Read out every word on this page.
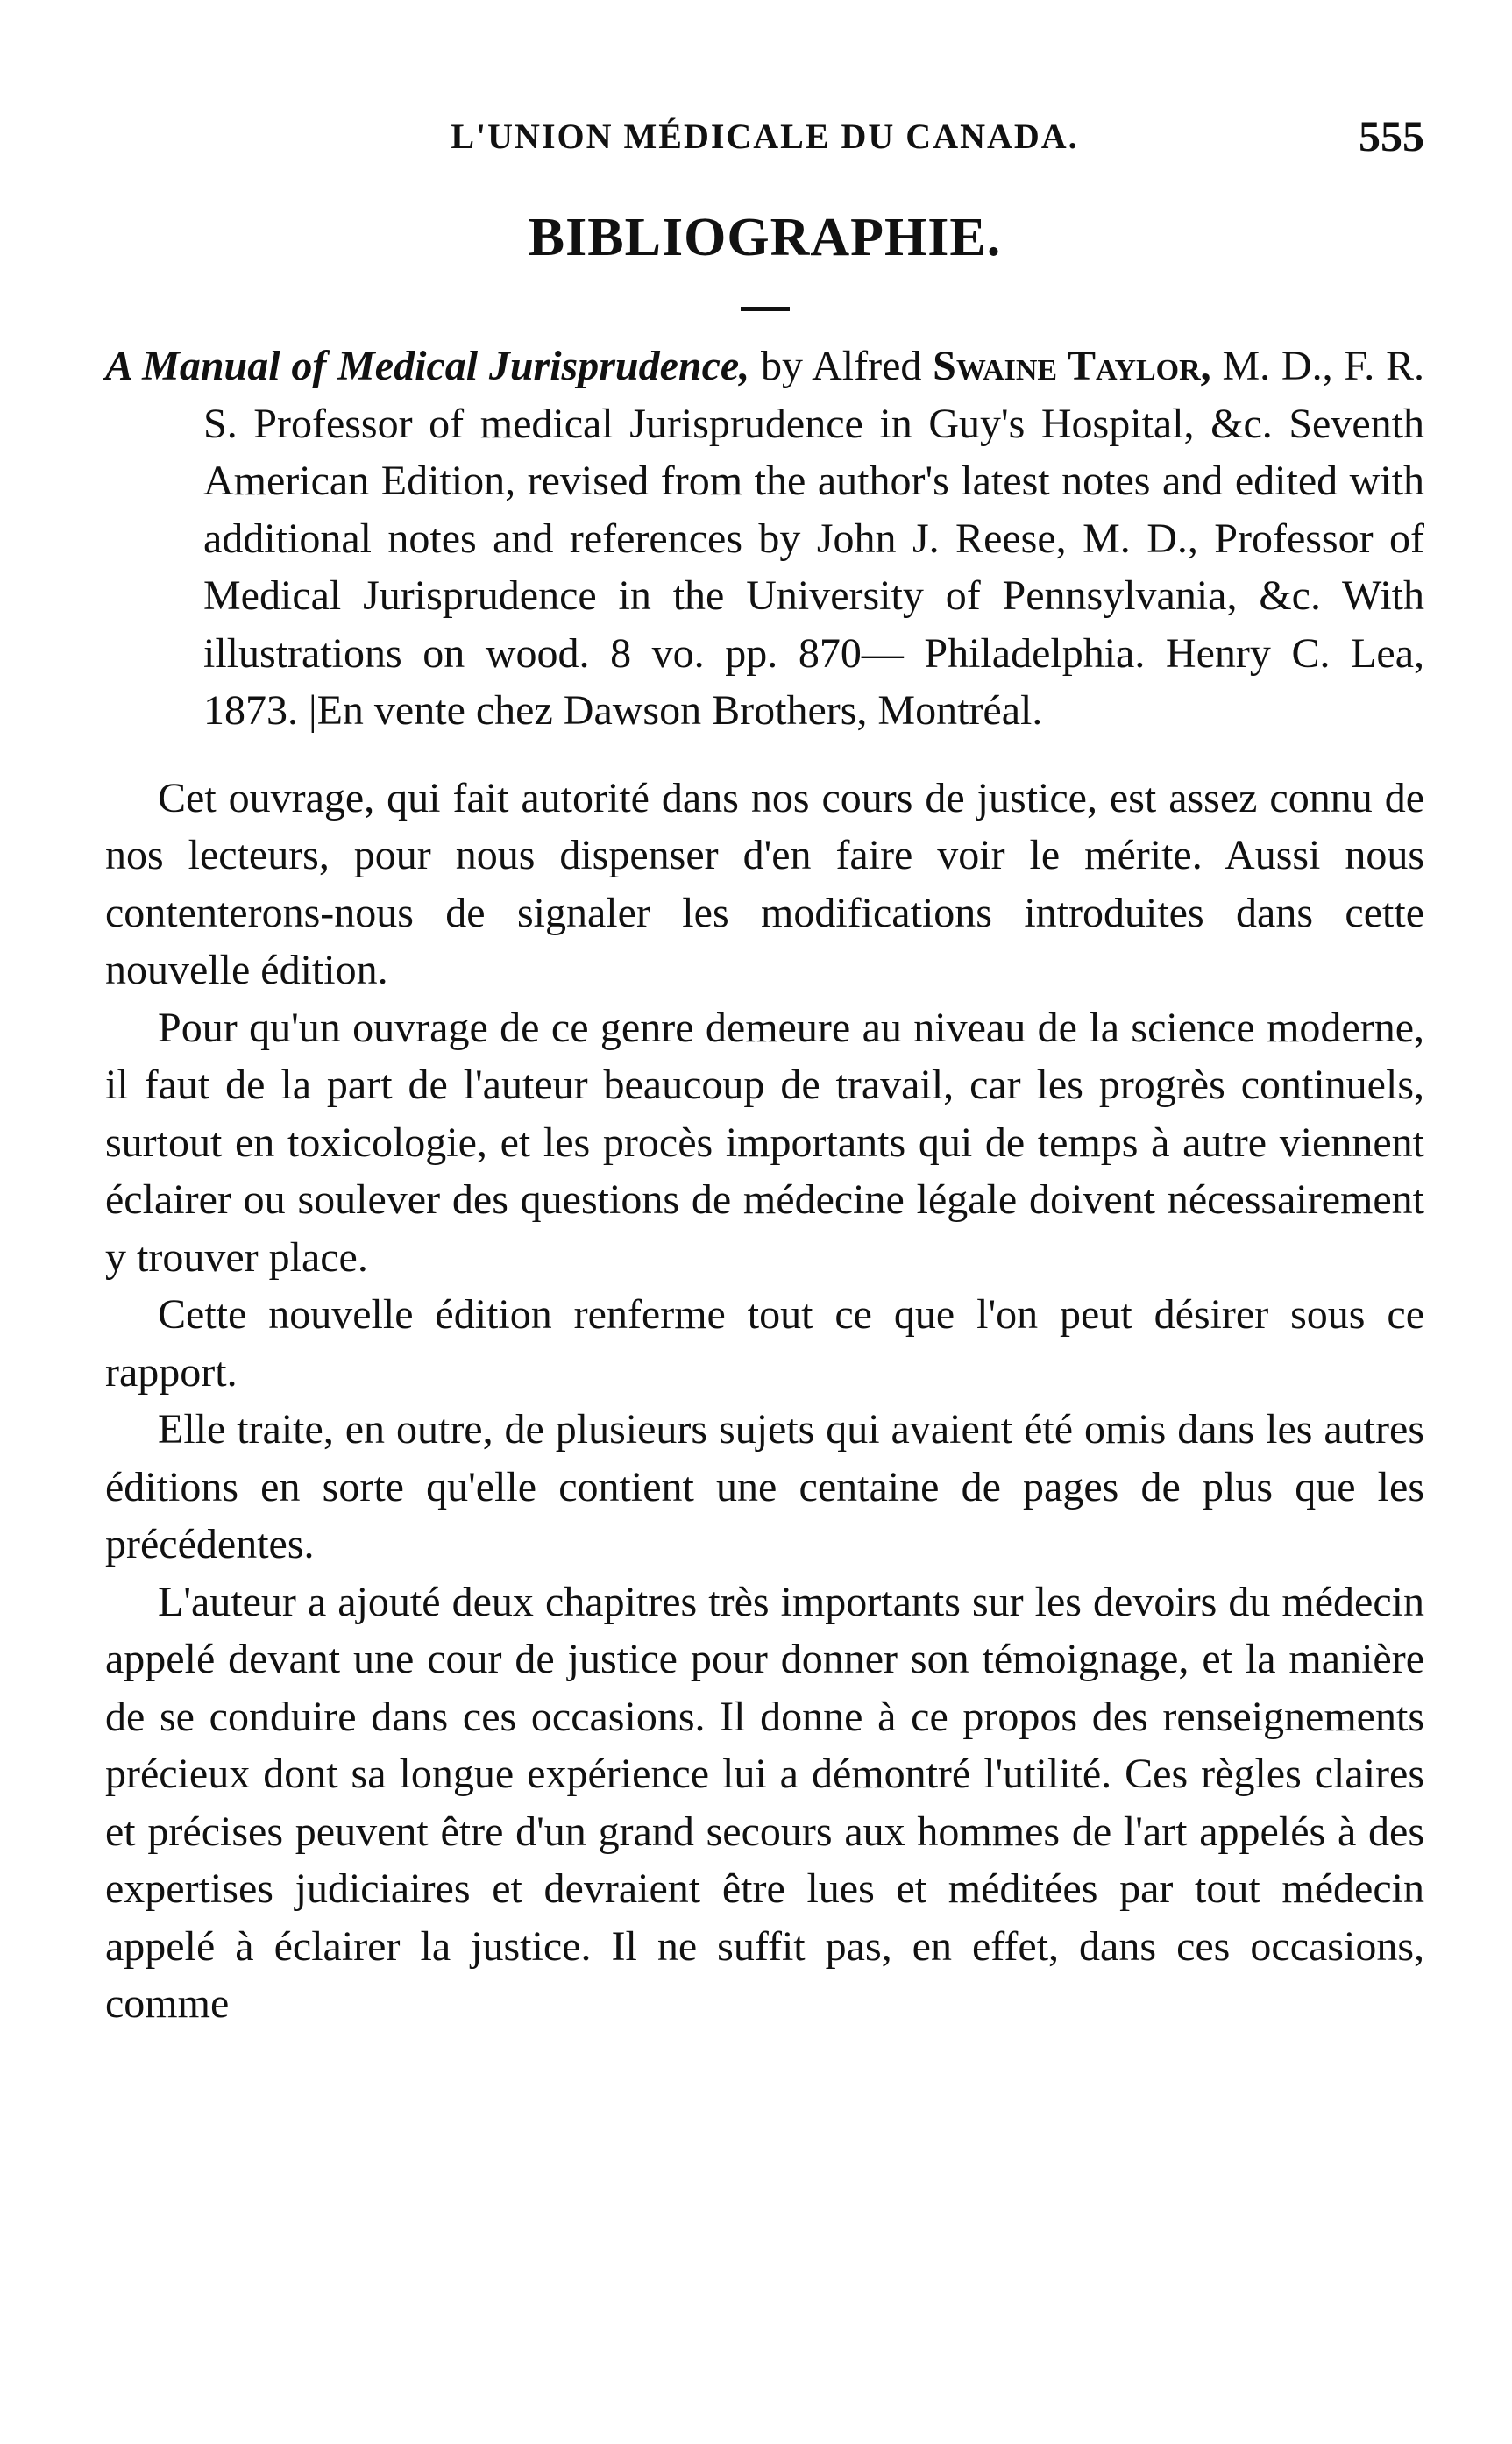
L'UNION MÉDICALE DU CANADA.	555
BIBLIOGRAPHIE.

A Manual of Medical Jurisprudence, by Alfred Swaine Taylor, M. D., F. R. S. Professor of medical Jurisprudence in Guy's Hospital, &c. Seventh American Edition, revised from the author's latest notes and edited with additional notes and references by John J. Reese, M. D., Professor of Medical Jurisprudence in the University of Pennsylvania, &c. With illustrations on wood. 8 vo. pp. 870— Philadelphia. Henry C. Lea, 1873. |En vente chez Dawson Brothers, Montréal.

Cet ouvrage, qui fait autorité dans nos cours de justice, est assez connu de nos lecteurs, pour nous dispenser d'en faire voir le mérite. Aussi nous contenterons-nous de signaler les modifications introduites dans cette nouvelle édition.

Pour qu'un ouvrage de ce genre demeure au niveau de la science moderne, il faut de la part de l'auteur beaucoup de travail, car les progrès continuels, surtout en toxicologie, et les procès importants qui de temps à autre viennent éclairer ou soulever des questions de médecine légale doivent nécessairement y trouver place.

Cette nouvelle édition renferme tout ce que l'on peut désirer sous ce rapport.

Elle traite, en outre, de plusieurs sujets qui avaient été omis dans les autres éditions en sorte qu'elle contient une centaine de pages de plus que les précédentes.

L'auteur a ajouté deux chapitres très importants sur les devoirs du médecin appelé devant une cour de justice pour donner son témoignage, et la manière de se conduire dans ces occasions. Il donne à ce propos des renseignements précieux dont sa longue expérience lui a démontré l'utilité. Ces règles claires et précises peuvent être d'un grand secours aux hommes de l'art appelés à des expertises judiciaires et devraient être lues et méditées par tout médecin appelé à éclairer la justice. Il ne suffit pas, en effet, dans ces occasions, comme
